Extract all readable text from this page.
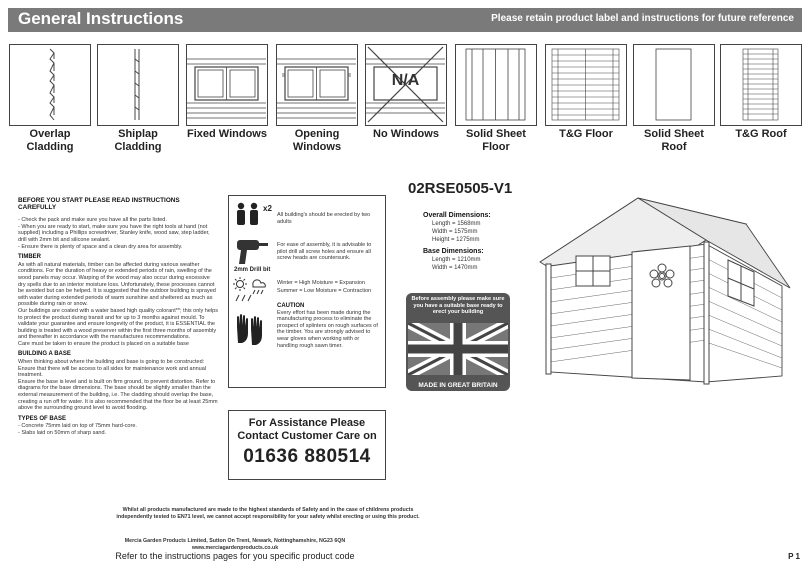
General Instructions	Please retain product label and instructions for future reference
Overlap Cladding
Shiplap Cladding
Fixed Windows	Opening Windows
N/A
No Windows	Solid Sheet Floor
T&G Floor	Solid Sheet Roof
T&G Roof
BEFORE YOU START PLEASE READ INSTRUCTIONS CAREFULLY

- Check the pack and make sure you have all the parts listed.

- When you are ready to start, make sure you have the right tools at hand (not supplied) including a Phillips screwdriver, Stanley knife, wood saw, step ladder, drill with 2mm bit and silicone sealant.

- Ensure there is plenty of space and a clean dry area for assembly.

TIMBER

As with all natural materials, timber can be affected during various weather conditions. For the duration of heavy or extended periods of rain, swelling of the wood panels may occur. Warping of the wood may also occur during excessive dry spells due to an interior moisture loss. Unfortunately, these processes cannot be avoided but can be helped. It is suggested that the outdoor building is sprayed with water during extended periods of warm sunshine and sheltered as much as possible during rain or snow.

Our buildings are coated with a water based high quality colorant**; this only helps to protect the product during transit and for up to 3 months against mould. To validate your guarantee and ensure longevity of the product, it is ESSENTIAL the building is treated with a wood preserver within the first three months of assembly and thereafter in accordance with the manufactures recommendations.

Care must be taken to ensure the product is placed on a suitable base

BUILDING A BASE

When thinking about where the building and base is going to be constructed: Ensure that there will be access to all sides for maintenance work and annual treatment.

Ensure the base is level and is built on firm ground, to prevent distortion. Refer to diagrams for the base dimensions. The base should be slightly smaller than the external measurement of the building, i.e. The cladding should overlap the base, creating a run off for water. It is also recommended that the floor be at least 25mm above the surrounding ground level to avoid flooding.

TYPES OF BASE

- Concrete 75mm laid on top of 75mm hard-core.

- Slabs laid on 50mm of sharp sand.

x2
All building's should be erected by two adults
2mm Drill bit
For ease of assembly, it is advisable to pilot drill all screw holes and ensure all screw heads are countersunk.
Winter = High Moisture = Expansion
Summer = Low Moisture = Contraction
CAUTION
Every effort has been made during the manufacturing process to eliminate the prospect of splinters on rough surfaces of the timber. You are strongly advised to wear gloves when working with or handling rough sawn timer.
For Assistance Please
Contact Customer Care on
01636 880514
02RSE0505-V1
Overall Dimensions:
Length = 1568mm
Width = 1575mm
Height = 1275mm
Base Dimensions:
Length = 1210mm
Width = 1470mm
Before assembly please make sure you have a suitable base ready to erect your building
MADE IN GREAT BRITAIN
Whilst all products manufactured are made to the highest standards of Safety and in the case of childrens products
independently tested to EN71 level, we cannot accept responsibility for your safety whilst erecting or using this product.
Mercia Garden Products Limited, Sutton On Trent, Newark, Nottinghamshire, NG23 6QN
www.merciagardenproducts.co.uk
Refer to the instructions pages for you specific product code	P 1
